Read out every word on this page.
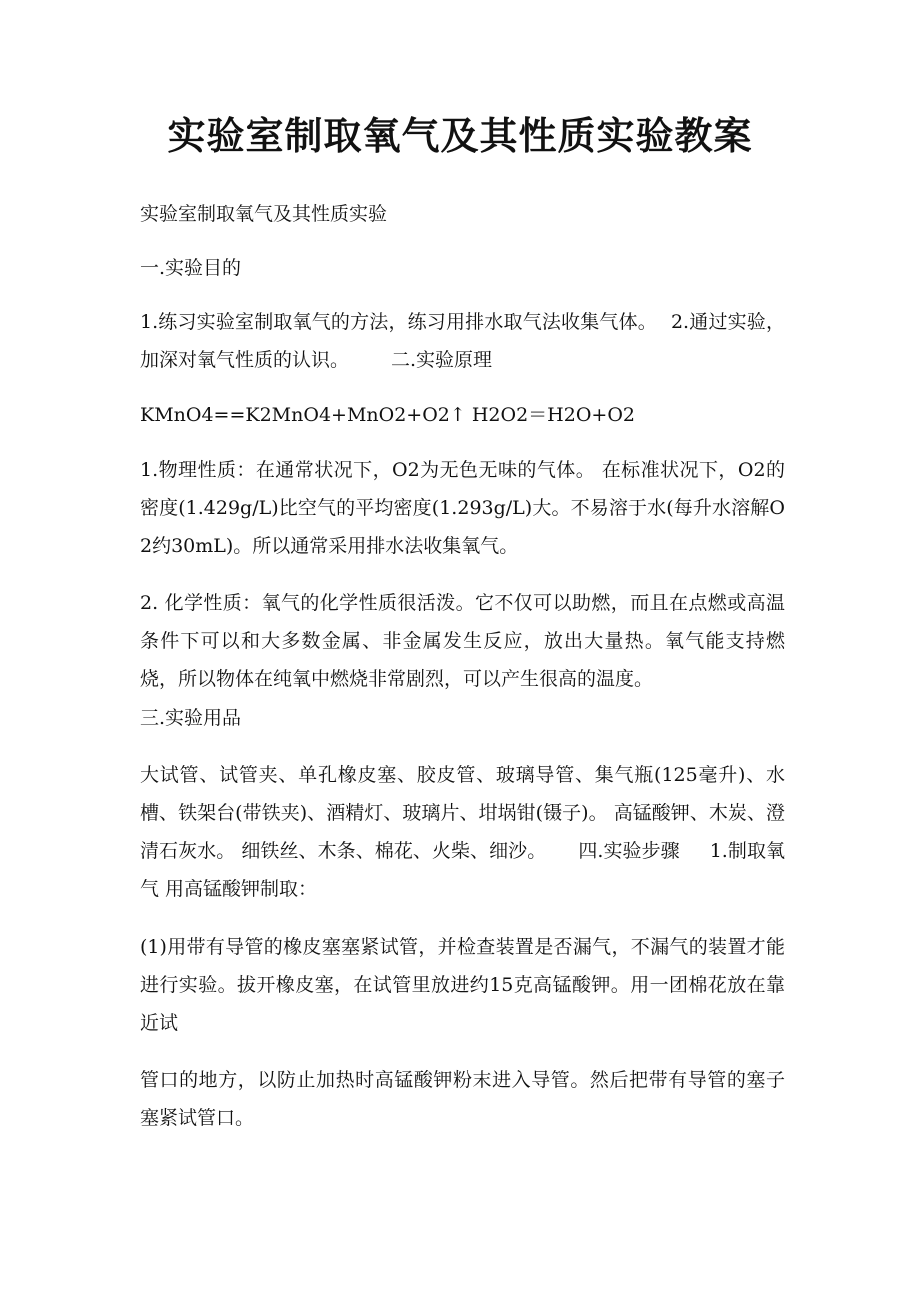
实验室制取氧气及其性质实验教案

实验室制取氧气及其性质实验

一.实验目的

1.练习实验室制取氧气的方法，练习用排水取气法收集气体。 2.通过实验，加深对氧气性质的认识。 二.实验原理

KMnO4==K2MnO4+MnO2+O2↑ H2O2＝H2O+O2

1.物理性质：在通常状况下，O2为无色无味的气体。 在标准状况下，O2的密度(1.429g/L)比空气的平均密度(1.293g/L)大。不易溶于水(每升水溶解O2约30mL)。所以通常采用排水法收集氧气。

2. 化学性质：氧气的化学性质很活泼。它不仅可以助燃，而且在点燃或高温条件下可以和大多数金属、非金属发生反应，放出大量热。氧气能支持燃烧，所以物体在纯氧中燃烧非常剧烈，可以产生很高的温度。

三.实验用品

大试管、试管夹、单孔橡皮塞、胶皮管、玻璃导管、集气瓶(125毫升)、水槽、铁架台(带铁夹)、酒精灯、玻璃片、坩埚钳(镊子)。 高锰酸钾、木炭、澄清石灰水。 细铁丝、木条、棉花、火柴、细沙。 四.实验步骤 1.制取氧气 用高锰酸钾制取：

(1)用带有导管的橡皮塞塞紧试管，并检查装置是否漏气，不漏气的装置才能进行实验。拔开橡皮塞，在试管里放进约15克高锰酸钾。用一团棉花放在靠近试

管口的地方，以防止加热时高锰酸钾粉末进入导管。然后把带有导管的塞子塞紧试管口。
